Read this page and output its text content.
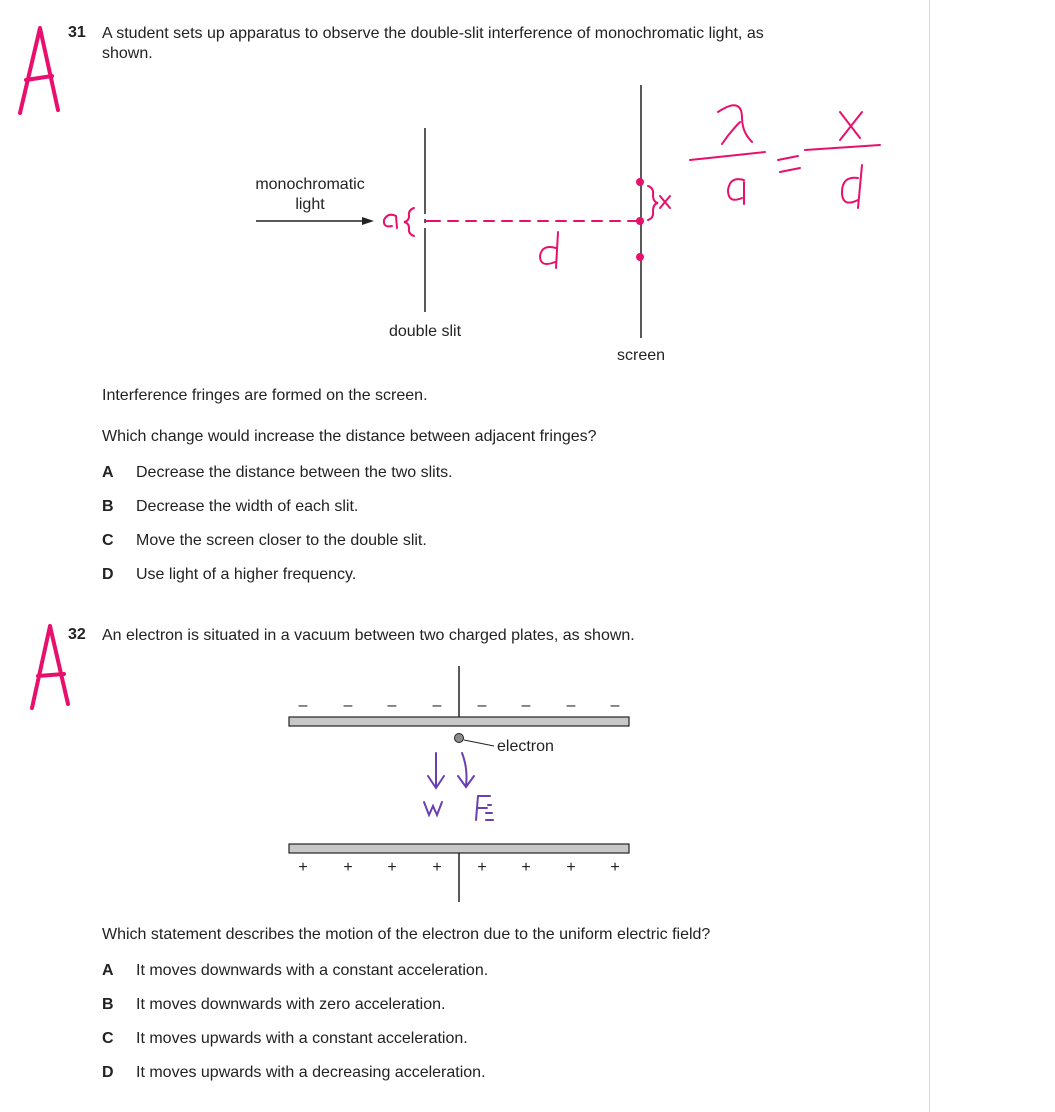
31 A student sets up apparatus to observe the double-slit interference of monochromatic light, as
shown.
monochromatic
light
double slit
screen
Interference fringes are formed on the screen.
Which change would increase the distance between adjacent fringes?
A Decrease the distance between the two slits.
B Decrease the width of each slit.
C Move the screen closer to the double slit.
D Use light of a higher frequency.
32 An electron is situated in a vacuum between two charged plates, as shown.
– – – – – – – –
electron
+ + + + + + + +
Which statement describes the motion of the electron due to the uniform electric field?
A It moves downwards with a constant acceleration.
B It moves downwards with zero acceleration.
C It moves upwards with a constant acceleration.
D It moves upwards with a decreasing acceleration.
